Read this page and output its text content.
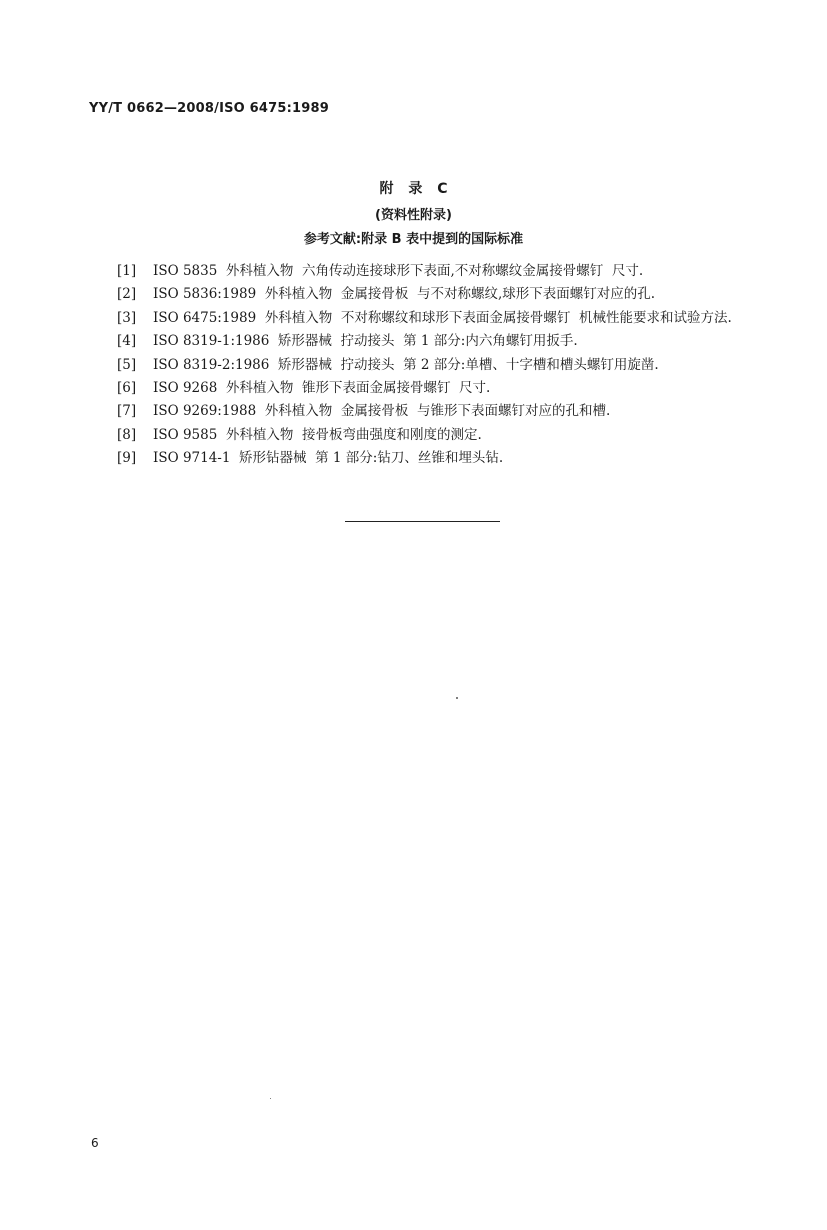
YY/T 0662—2008/ISO 6475:1989
附 录 C
(资料性附录)
参考文献:附录 B 表中提到的国际标准
[1] ISO 5835  外科植入物  六角传动连接球形下表面,不对称螺纹金属接骨螺钉  尺寸.
[2] ISO 5836:1989  外科植入物  金属接骨板  与不对称螺纹,球形下表面螺钉对应的孔.
[3] ISO 6475:1989  外科植入物  不对称螺纹和球形下表面金属接骨螺钉  机械性能要求和试验方法.
[4] ISO 8319-1:1986  矫形器械  拧动接头  第 1 部分:内六角螺钉用扳手.
[5] ISO 8319-2:1986  矫形器械  拧动接头  第 2 部分:单槽、十字槽和槽头螺钉用旋凿.
[6] ISO 9268  外科植入物  锥形下表面金属接骨螺钉  尺寸.
[7] ISO 9269:1988  外科植入物  金属接骨板  与锥形下表面螺钉对应的孔和槽.
[8] ISO 9585  外科植入物  接骨板弯曲强度和刚度的测定.
[9] ISO 9714-1  矫形钻器械  第 1 部分:钻刀、丝锥和埋头钻.
6
